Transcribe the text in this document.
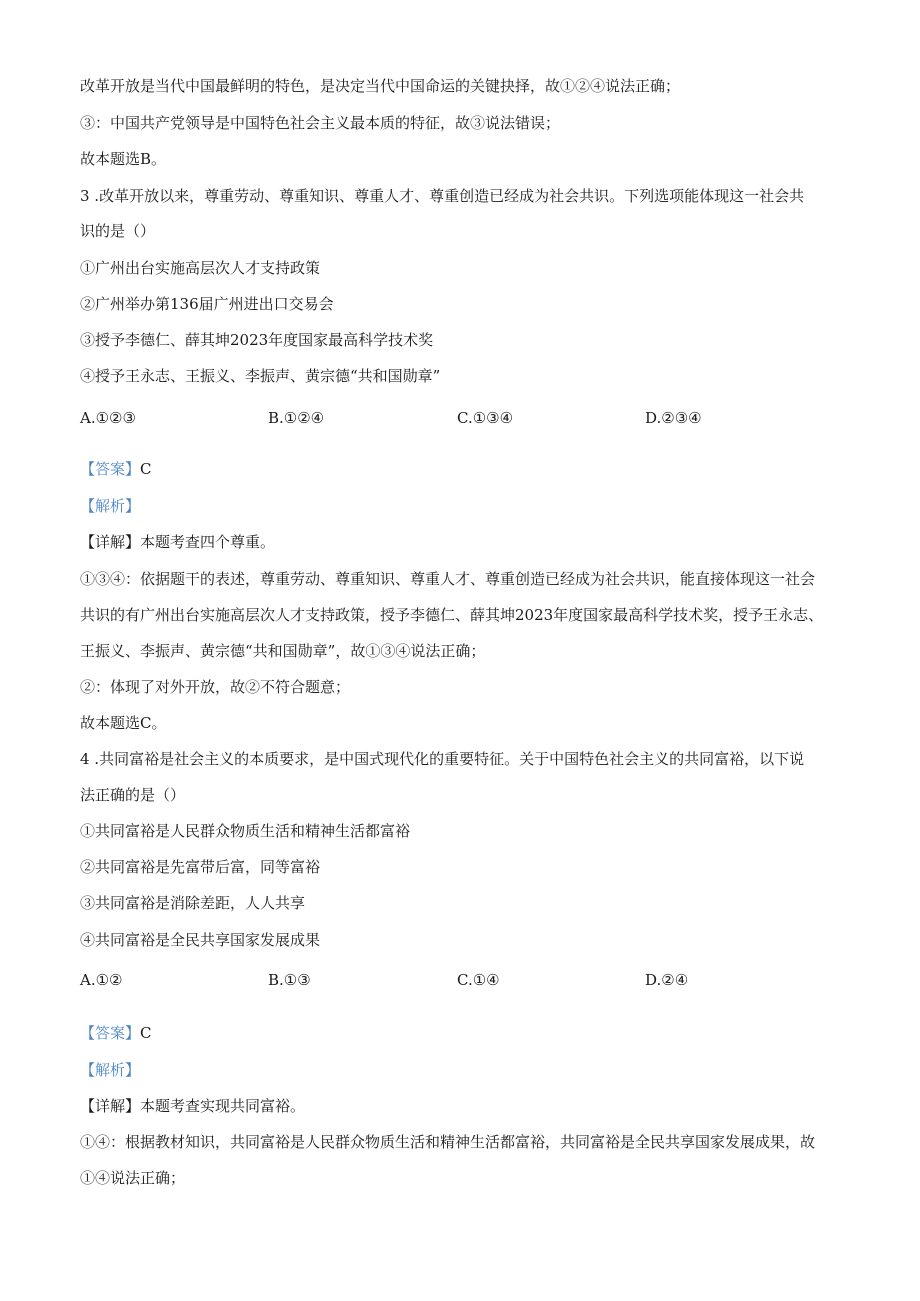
改革开放是当代中国最鲜明的特色，是决定当代中国命运的关键抉择，故①②④说法正确；
③：中国共产党领导是中国特色社会主义最本质的特征，故③说法错误；
故本题选B。
3 .改革开放以来，尊重劳动、尊重知识、尊重人才、尊重创造已经成为社会共识。下列选项能体现这一社会共
识的是（）
①广州出台实施高层次人才支持政策
②广州举办第136届广州进出口交易会
③授予李德仁、薛其坤2023年度国家最高科学技术奖
④授予王永志、王振义、李振声、黄宗德“共和国勋章”
A.①②③	B.①②④	C.①③④	D.②③④
【答案】C
【解析】
【详解】本题考查四个尊重。
①③④：依据题干的表述，尊重劳动、尊重知识、尊重人才、尊重创造已经成为社会共识，能直接体现这一社会
共识的有广州出台实施高层次人才支持政策，授予李德仁、薛其坤2023年度国家最高科学技术奖，授予王永志、
王振义、李振声、黄宗德“共和国勋章”，故①③④说法正确；
②：体现了对外开放，故②不符合题意；
故本题选C。
4 .共同富裕是社会主义的本质要求，是中国式现代化的重要特征。关于中国特色社会主义的共同富裕，以下说
法正确的是（）
①共同富裕是人民群众物质生活和精神生活都富裕
②共同富裕是先富带后富，同等富裕
③共同富裕是消除差距，人人共享
④共同富裕是全民共享国家发展成果
A.①②	B.①③	C.①④	D.②④
【答案】C
【解析】
【详解】本题考查实现共同富裕。
①④：根据教材知识，共同富裕是人民群众物质生活和精神生活都富裕，共同富裕是全民共享国家发展成果，故
①④说法正确；
